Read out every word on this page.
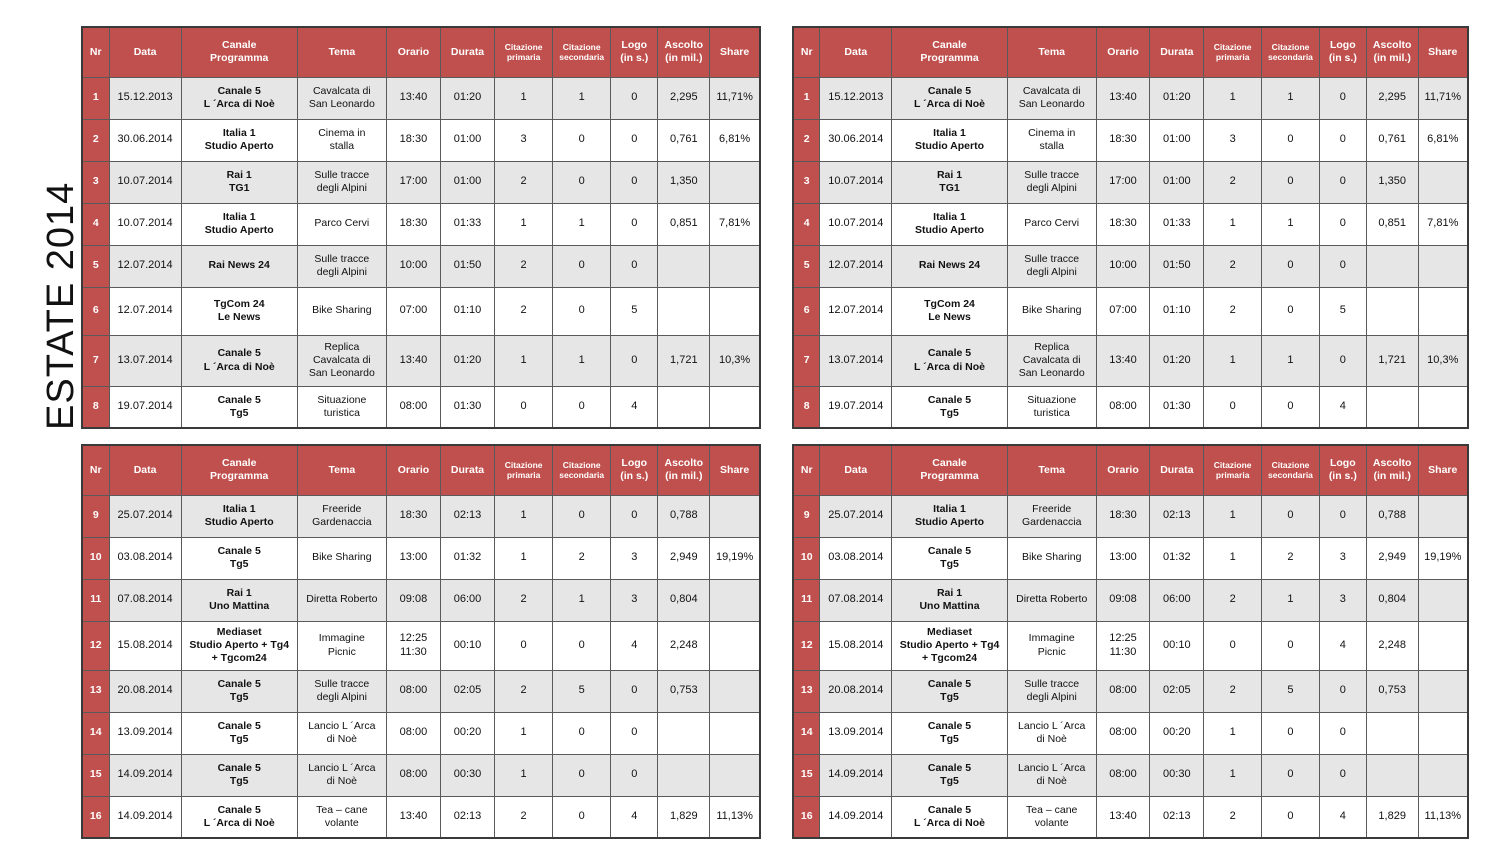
ESTATE 2014
Nr	Data	Canale
Programma	Tema	Orario	Durata	Citazione
primaria	Citazione
secondaria	Logo
(in s.)	Ascolto
(in mil.)	Share

1	15.12.2013	Canale 5
L ´Arca di Noè	Cavalcata di
San Leonardo	13:40	01:20	1	1	0	2,295	11,71%
2	30.06.2014	Italia 1
Studio Aperto	Cinema in
stalla	18:30	01:00	3	0	0	0,761	6,81%
3	10.07.2014	Rai 1
TG1	Sulle tracce
degli Alpini	17:00	01:00	2	0	0	1,350	
4	10.07.2014	Italia 1
Studio Aperto	Parco Cervi	18:30	01:33	1	1	0	0,851	7,81%
5	12.07.2014	Rai News 24	Sulle tracce
degli Alpini	10:00	01:50	2	0	0		
6	12.07.2014	TgCom 24
Le News	Bike Sharing	07:00	01:10	2	0	5		
7	13.07.2014	Canale 5
L ´Arca di Noè	Replica
Cavalcata di
San Leonardo	13:40	01:20	1	1	0	1,721	10,3%
8	19.07.2014	Canale 5
Tg5	Situazione
turistica	08:00	01:30	0	0	4		
Nr	Data	Canale
Programma	Tema	Orario	Durata	Citazione
primaria	Citazione
secondaria	Logo
(in s.)	Ascolto
(in mil.)	Share

1	15.12.2013	Canale 5
L ´Arca di Noè	Cavalcata di
San Leonardo	13:40	01:20	1	1	0	2,295	11,71%
2	30.06.2014	Italia 1
Studio Aperto	Cinema in
stalla	18:30	01:00	3	0	0	0,761	6,81%
3	10.07.2014	Rai 1
TG1	Sulle tracce
degli Alpini	17:00	01:00	2	0	0	1,350	
4	10.07.2014	Italia 1
Studio Aperto	Parco Cervi	18:30	01:33	1	1	0	0,851	7,81%
5	12.07.2014	Rai News 24	Sulle tracce
degli Alpini	10:00	01:50	2	0	0		
6	12.07.2014	TgCom 24
Le News	Bike Sharing	07:00	01:10	2	0	5		
7	13.07.2014	Canale 5
L ´Arca di Noè	Replica
Cavalcata di
San Leonardo	13:40	01:20	1	1	0	1,721	10,3%
8	19.07.2014	Canale 5
Tg5	Situazione
turistica	08:00	01:30	0	0	4		
Nr	Data	Canale
Programma	Tema	Orario	Durata	Citazione
primaria	Citazione
secondaria	Logo
(in s.)	Ascolto
(in mil.)	Share

9	25.07.2014	Italia 1
Studio Aperto	Freeride
Gardenaccia	18:30	02:13	1	0	0	0,788	
10	03.08.2014	Canale 5
Tg5	Bike Sharing	13:00	01:32	1	2	3	2,949	19,19%
11	07.08.2014	Rai 1
Uno Mattina	Diretta Roberto	09:08	06:00	2	1	3	0,804	
12	15.08.2014	Mediaset
Studio Aperto + Tg4
+ Tgcom24	Immagine
Picnic	12:25
11:30	00:10	0	0	4	2,248	
13	20.08.2014	Canale 5
Tg5	Sulle tracce
degli Alpini	08:00	02:05	2	5	0	0,753	
14	13.09.2014	Canale 5
Tg5	Lancio L ´Arca
di Noè	08:00	00:20	1	0	0		
15	14.09.2014	Canale 5
Tg5	Lancio L ´Arca
di Noè	08:00	00:30	1	0	0		
16	14.09.2014	Canale 5
L ´Arca di Noè	Tea – cane
volante	13:40	02:13	2	0	4	1,829	11,13%
Nr	Data	Canale
Programma	Tema	Orario	Durata	Citazione
primaria	Citazione
secondaria	Logo
(in s.)	Ascolto
(in mil.)	Share

9	25.07.2014	Italia 1
Studio Aperto	Freeride
Gardenaccia	18:30	02:13	1	0	0	0,788	
10	03.08.2014	Canale 5
Tg5	Bike Sharing	13:00	01:32	1	2	3	2,949	19,19%
11	07.08.2014	Rai 1
Uno Mattina	Diretta Roberto	09:08	06:00	2	1	3	0,804	
12	15.08.2014	Mediaset
Studio Aperto + Tg4
+ Tgcom24	Immagine
Picnic	12:25
11:30	00:10	0	0	4	2,248	
13	20.08.2014	Canale 5
Tg5	Sulle tracce
degli Alpini	08:00	02:05	2	5	0	0,753	
14	13.09.2014	Canale 5
Tg5	Lancio L ´Arca
di Noè	08:00	00:20	1	0	0		
15	14.09.2014	Canale 5
Tg5	Lancio L ´Arca
di Noè	08:00	00:30	1	0	0		
16	14.09.2014	Canale 5
L ´Arca di Noè	Tea – cane
volante	13:40	02:13	2	0	4	1,829	11,13%
